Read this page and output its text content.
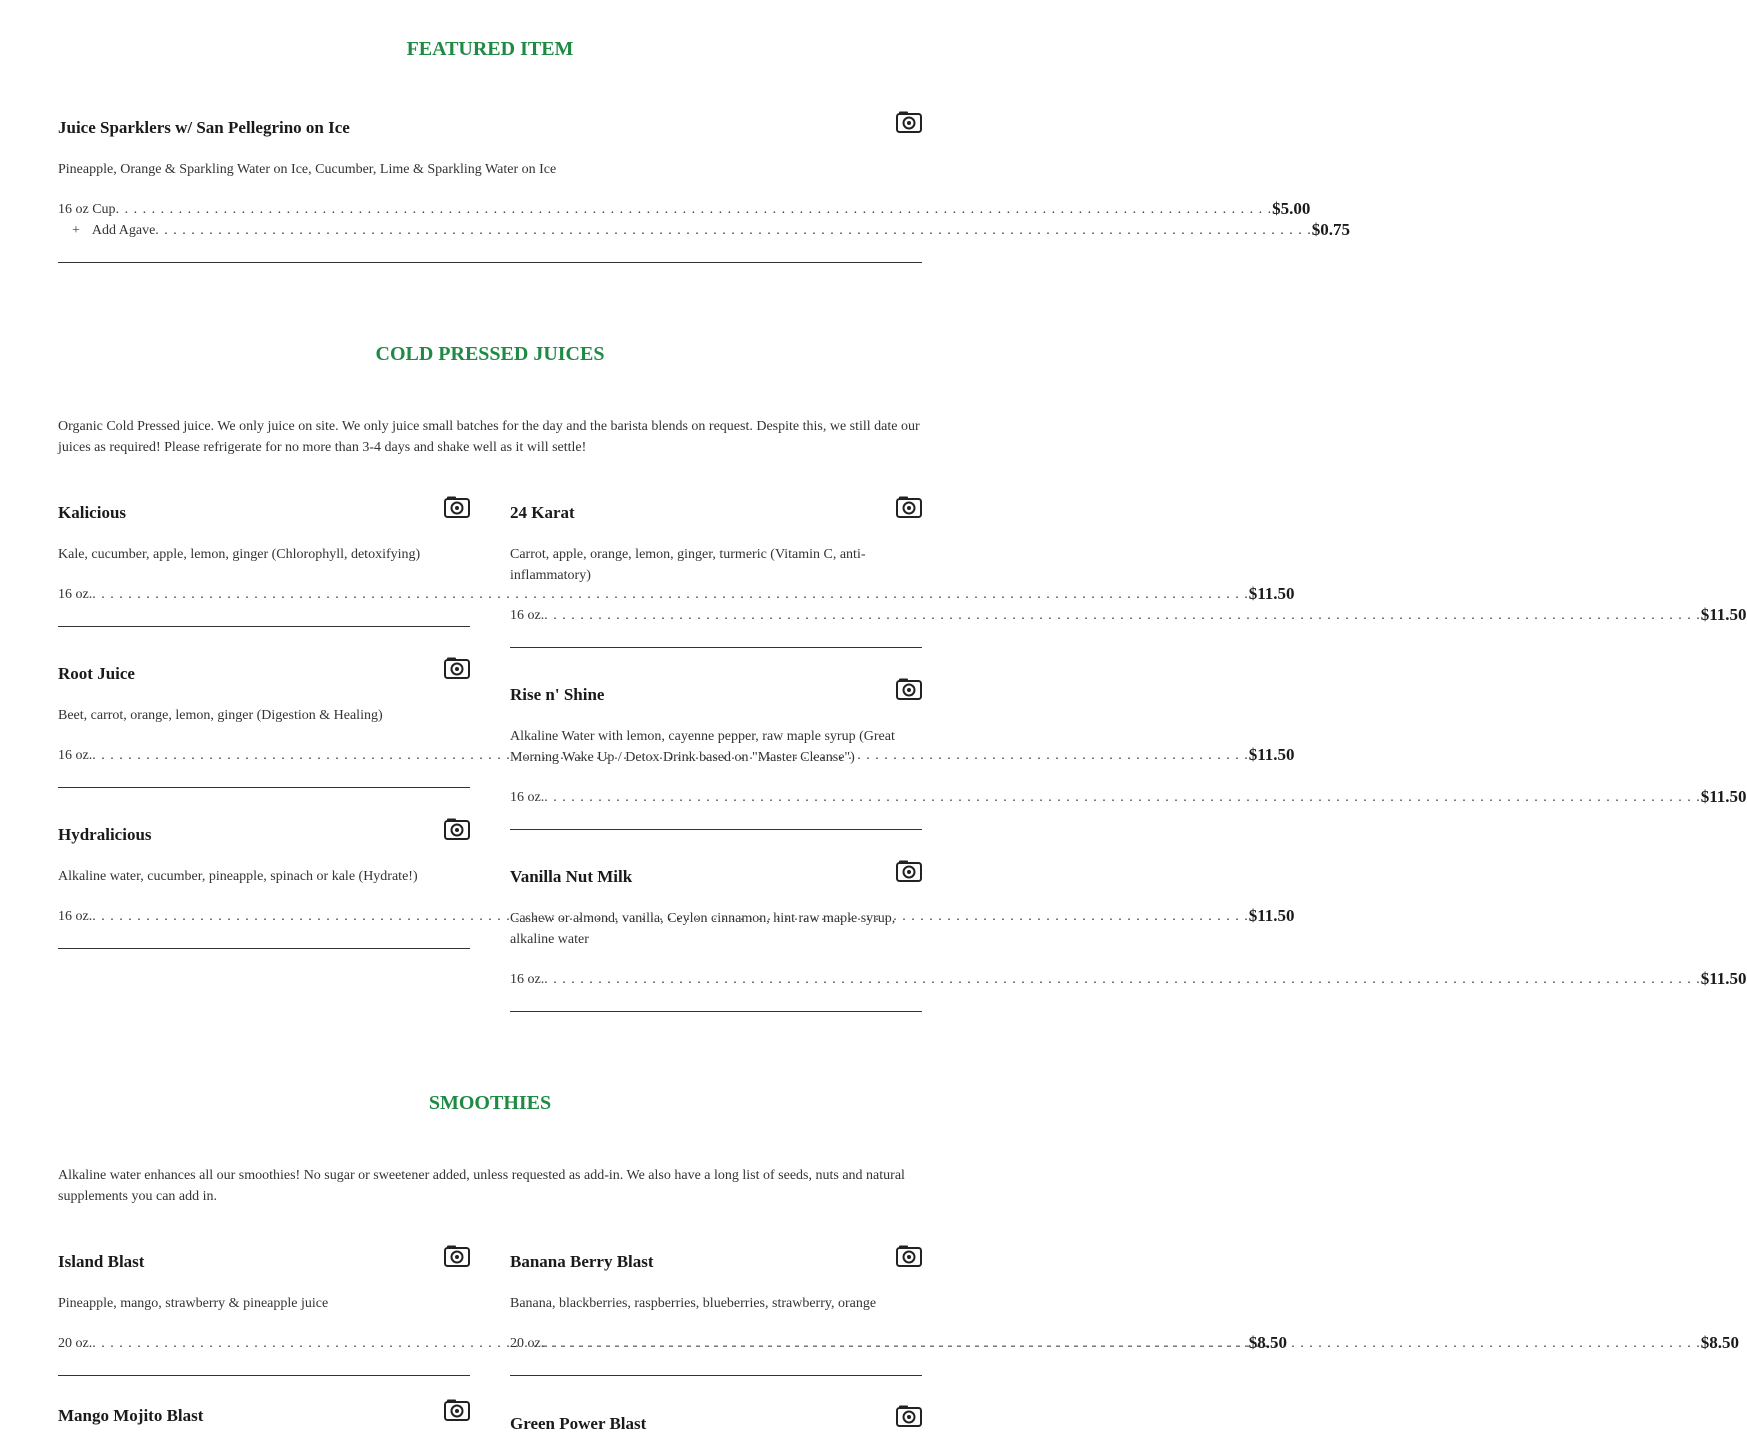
FEATURED ITEM
Juice Sparklers w/ San Pellegrino on Ice

Pineapple, Orange & Sparkling Water on Ice, Cucumber, Lime & Sparkling Water on Ice

16 oz Cup . . .	$5.00
+ Add Agave . . .	$0.75
COLD PRESSED JUICES

Organic Cold Pressed juice. We only juice on site. We only juice small batches for the day and the barista blends on request. Despite this, we still date our juices as required! Please refrigerate for no more than 3-4 days and shake well as it will settle!

Kalicious

Kale, cucumber, apple, lemon, ginger (Chlorophyll, detoxifying)

16 oz. . . .	$11.50
24 Karat

Carrot, apple, orange, lemon, ginger, turmeric (Vitamin C, anti-inflammatory)

16 oz. . . .	$11.50
Root Juice

Beet, carrot, orange, lemon, ginger (Digestion & Healing)

16 oz. . . .	$11.50
Rise n' Shine

Alkaline Water with lemon, cayenne pepper, raw maple syrup (Great Morning Wake Up / Detox Drink based on "Master Cleanse")

16 oz. . . .	$11.50
Hydralicious

Alkaline water, cucumber, pineapple, spinach or kale (Hydrate!)

16 oz. . . .	$11.50
Vanilla Nut Milk

Cashew or almond, vanilla, Ceylon cinnamon, hint raw maple syrup, alkaline water

16 oz. . . .	$11.50
SMOOTHIES

Alkaline water enhances all our smoothies! No sugar or sweetener added, unless requested as add-in. We also have a long list of seeds, nuts and natural supplements you can add in.

Island Blast

Pineapple, mango, strawberry & pineapple juice

20 oz. . . .	$8.50
Banana Berry Blast

Banana, blackberries, raspberries, blueberries, strawberry, orange

20 oz. . . .	$8.50
Mango Mojito Blast	Green Power Blast
